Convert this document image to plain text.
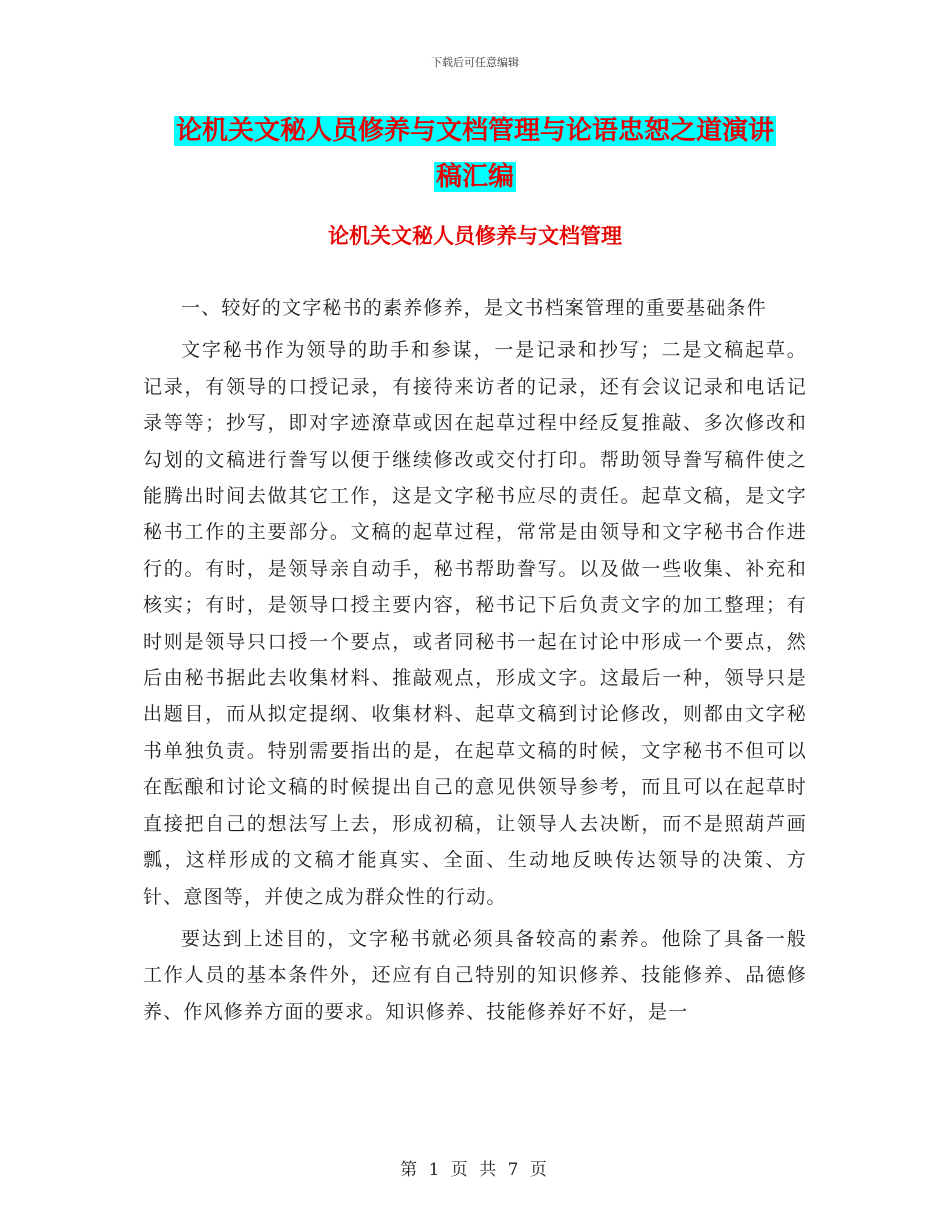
下载后可任意编辑
论机关文秘人员修养与文档管理与论语忠恕之道演讲
稿汇编
论机关文秘人员修养与文档管理

一、较好的文字秘书的素养修养，是文书档案管理的重要基础条件

文字秘书作为领导的助手和参谋，一是记录和抄写；二是文稿起草。记录，有领导的口授记录，有接待来访者的记录，还有会议记录和电话记录等等；抄写，即对字迹潦草或因在起草过程中经反复推敲、多次修改和勾划的文稿进行誊写以便于继续修改或交付打印。帮助领导誊写稿件使之能腾出时间去做其它工作，这是文字秘书应尽的责任。起草文稿，是文字秘书工作的主要部分。文稿的起草过程，常常是由领导和文字秘书合作进行的。有时，是领导亲自动手，秘书帮助誊写。以及做一些收集、补充和核实；有时，是领导口授主要内容，秘书记下后负责文字的加工整理；有时则是领导只口授一个要点，或者同秘书一起在讨论中形成一个要点，然后由秘书据此去收集材料、推敲观点，形成文字。这最后一种，领导只是出题目，而从拟定提纲、收集材料、起草文稿到讨论修改，则都由文字秘书单独负责。特别需要指出的是，在起草文稿的时候，文字秘书不但可以在酝酿和讨论文稿的时候提出自己的意见供领导参考，而且可以在起草时直接把自己的想法写上去，形成初稿，让领导人去决断，而不是照葫芦画瓢，这样形成的文稿才能真实、全面、生动地反映传达领导的决策、方针、意图等，并使之成为群众性的行动。

要达到上述目的，文字秘书就必须具备较高的素养。他除了具备一般工作人员的基本条件外，还应有自己特别的知识修养、技能修养、品德修养、作风修养方面的要求。知识修养、技能修养好不好，是一

第 1 页 共 7 页
